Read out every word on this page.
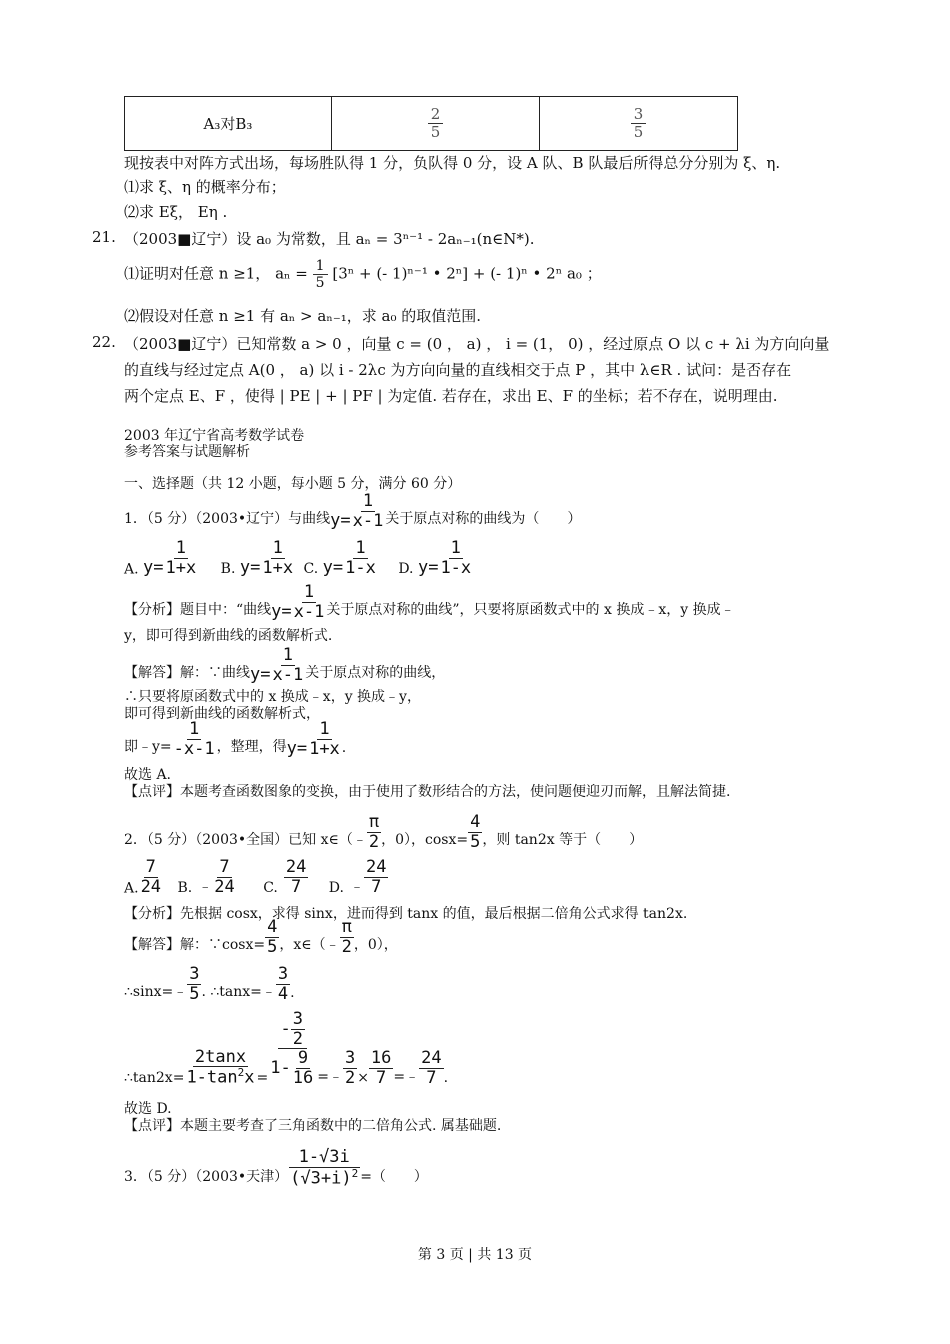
A₃对B₃	$\frac{2}{5}$	$\frac{3}{5}$
现按表中对阵方式出场，每场胜队得 1 分，负队得 0 分，设 A 队、B 队最后所得总分分别为 ξ、η.
⑴求 ξ、η 的概率分布；
⑵求 Eξ， Eη .
21. （2003■辽宁）设 a₀ 为常数，且 aₙ = 3ⁿ⁻¹ - 2aₙ₋₁(n∈N*).
⑴证明对任意 n ≥1， $a_n = \frac{1}{5} [3^n$ + (- 1)ⁿ⁻¹ • 2ⁿ] + (- 1)ⁿ • 2ⁿ a₀ ；
⑵假设对任意 n ≥1 有 aₙ > aₙ₋₁，求 a₀ 的取值范围.
22. （2003■辽宁）已知常数 a > 0 ，向量 c = (0 ， a) ， i = (1， 0) ，经过原点 O 以 c + λi 为方向向量
的直线与经过定点 A(0 ， a) 以 i - 2λc 为方向向量的直线相交于点 P ，其中 λ∈R . 试问：是否存在
两个定点 E、F ，使得 | PE | + | PF | 为定值. 若存在，求出 E、F 的坐标；若不存在，说明理由.
2003 年辽宁省高考数学试卷
参考答案与试题解析
一、选择题（共 12 小题，每小题 5 分，满分 60 分）
1．（5 分）（2003•辽宁）与曲线$y= \frac{1}{x-1}$ 关于原点对称的曲线为（　　）
A. $y= \frac{1}{1+x} B$. $y= \frac{1}{1+x} C$. $y= \frac{1}{1-x} D$. $y= \frac{1}{1-x}$
【分析】题目中：“曲线$y= \frac{1}{x-1}$ 关于原点对称的曲线”，只要将原函数式中的 x 换成﹣x，y 换成﹣
y，即可得到新曲线的函数解析式.
【解答】解：∵曲线$y= \frac{1}{x-1}$ 关于原点对称的曲线，
∴只要将原函数式中的 x 换成﹣x，y 换成﹣y，
即可得到新曲线的函数解析式，
即﹣y= $\frac{1}{-x-1}$ ，整理，得$y= \frac{1}{1+x}$ .
故选 A.
【点评】本题考查函数图象的变换，由于使用了数形结合的方法，使问题便迎刃而解，且解法简捷.
2．（5 分）（2003•全国）已知 x∈（﹣ $\frac{\pi}{2}$ ，0），$\cos x= \frac{4}{5}$ ，则 tan2x 等于（　　）
A. $\frac{7}{24} B$. ﹣ $\frac{7}{24} C$. $\frac{24}{7} D$. ﹣ $\frac{24}{7}$
【分析】先根据 cosx，求得 sinx，进而得到 tanx 的值，最后根据二倍角公式求得 tan2x.
【解答】解：∵cosx= $\frac{4}{5}$ ，x∈（﹣ $\frac{\pi}{2}$ ，0），
∴sinx=﹣ $\frac{3}{5}$ . ∴tanx=﹣ $\frac{3}{4}$ .
∴tan2x= $\frac{2\tan x}{1-\tan^2x} = \frac{- \frac{3}{2}}{1- \frac{9}{16}}$ =﹣ $\frac{3}{2} \times \frac{16}{7}$ =﹣ $\frac{24}{7}$ .
故选 D.
【点评】本题主要考查了三角函数中的二倍角公式. 属基础题.
3．（5 分）（2003•天津） $\frac{1-√3i}{(√3+i)^2}$ =（　　）
第 3 页 | 共 13 页
